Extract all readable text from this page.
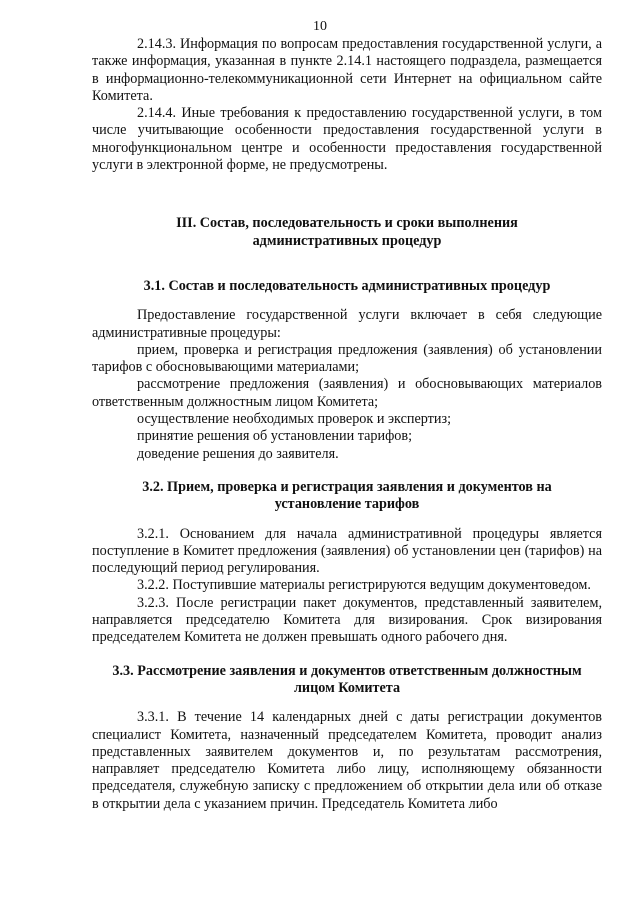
10

2.14.3. Информация по вопросам предоставления государственной услуги, а также информация, указанная в пункте 2.14.1 настоящего подраздела, размещается в информационно-телекоммуникационной сети Интернет на официальном сайте Комитета.

2.14.4. Иные требования к предоставлению государственной услуги, в том числе учитывающие особенности предоставления государственной услуги в многофункциональном центре и особенности предоставления государственной услуги в электронной форме, не предусмотрены.

III. Состав, последовательность и сроки выполнения административных процедур

3.1. Состав и последовательность административных процедур

Предоставление государственной услуги включает в себя следующие административные процедуры:

прием, проверка и регистрация предложения (заявления) об установлении тарифов с обосновывающими материалами;

рассмотрение предложения (заявления) и обосновывающих материалов ответственным должностным лицом Комитета;

осуществление необходимых проверок и экспертиз;

принятие решения об установлении тарифов;

доведение решения до заявителя.

3.2. Прием, проверка и регистрация заявления и документов на установление тарифов

3.2.1. Основанием для начала административной процедуры является поступление в Комитет предложения (заявления) об установлении цен (тарифов) на последующий период регулирования.

3.2.2. Поступившие материалы регистрируются ведущим документоведом.

3.2.3. После регистрации пакет документов, представленный заявителем, направляется председателю Комитета для визирования. Срок визирования председателем Комитета не должен превышать одного рабочего дня.

3.3. Рассмотрение заявления и документов ответственным должностным лицом Комитета

3.3.1. В течение 14 календарных дней с даты регистрации документов специалист Комитета, назначенный председателем Комитета, проводит анализ представленных заявителем документов и, по результатам рассмотрения, направляет председателю Комитета либо лицу, исполняющему обязанности председателя, служебную записку с предложением об открытии дела или об отказе в открытии дела с указанием причин. Председатель Комитета либо
